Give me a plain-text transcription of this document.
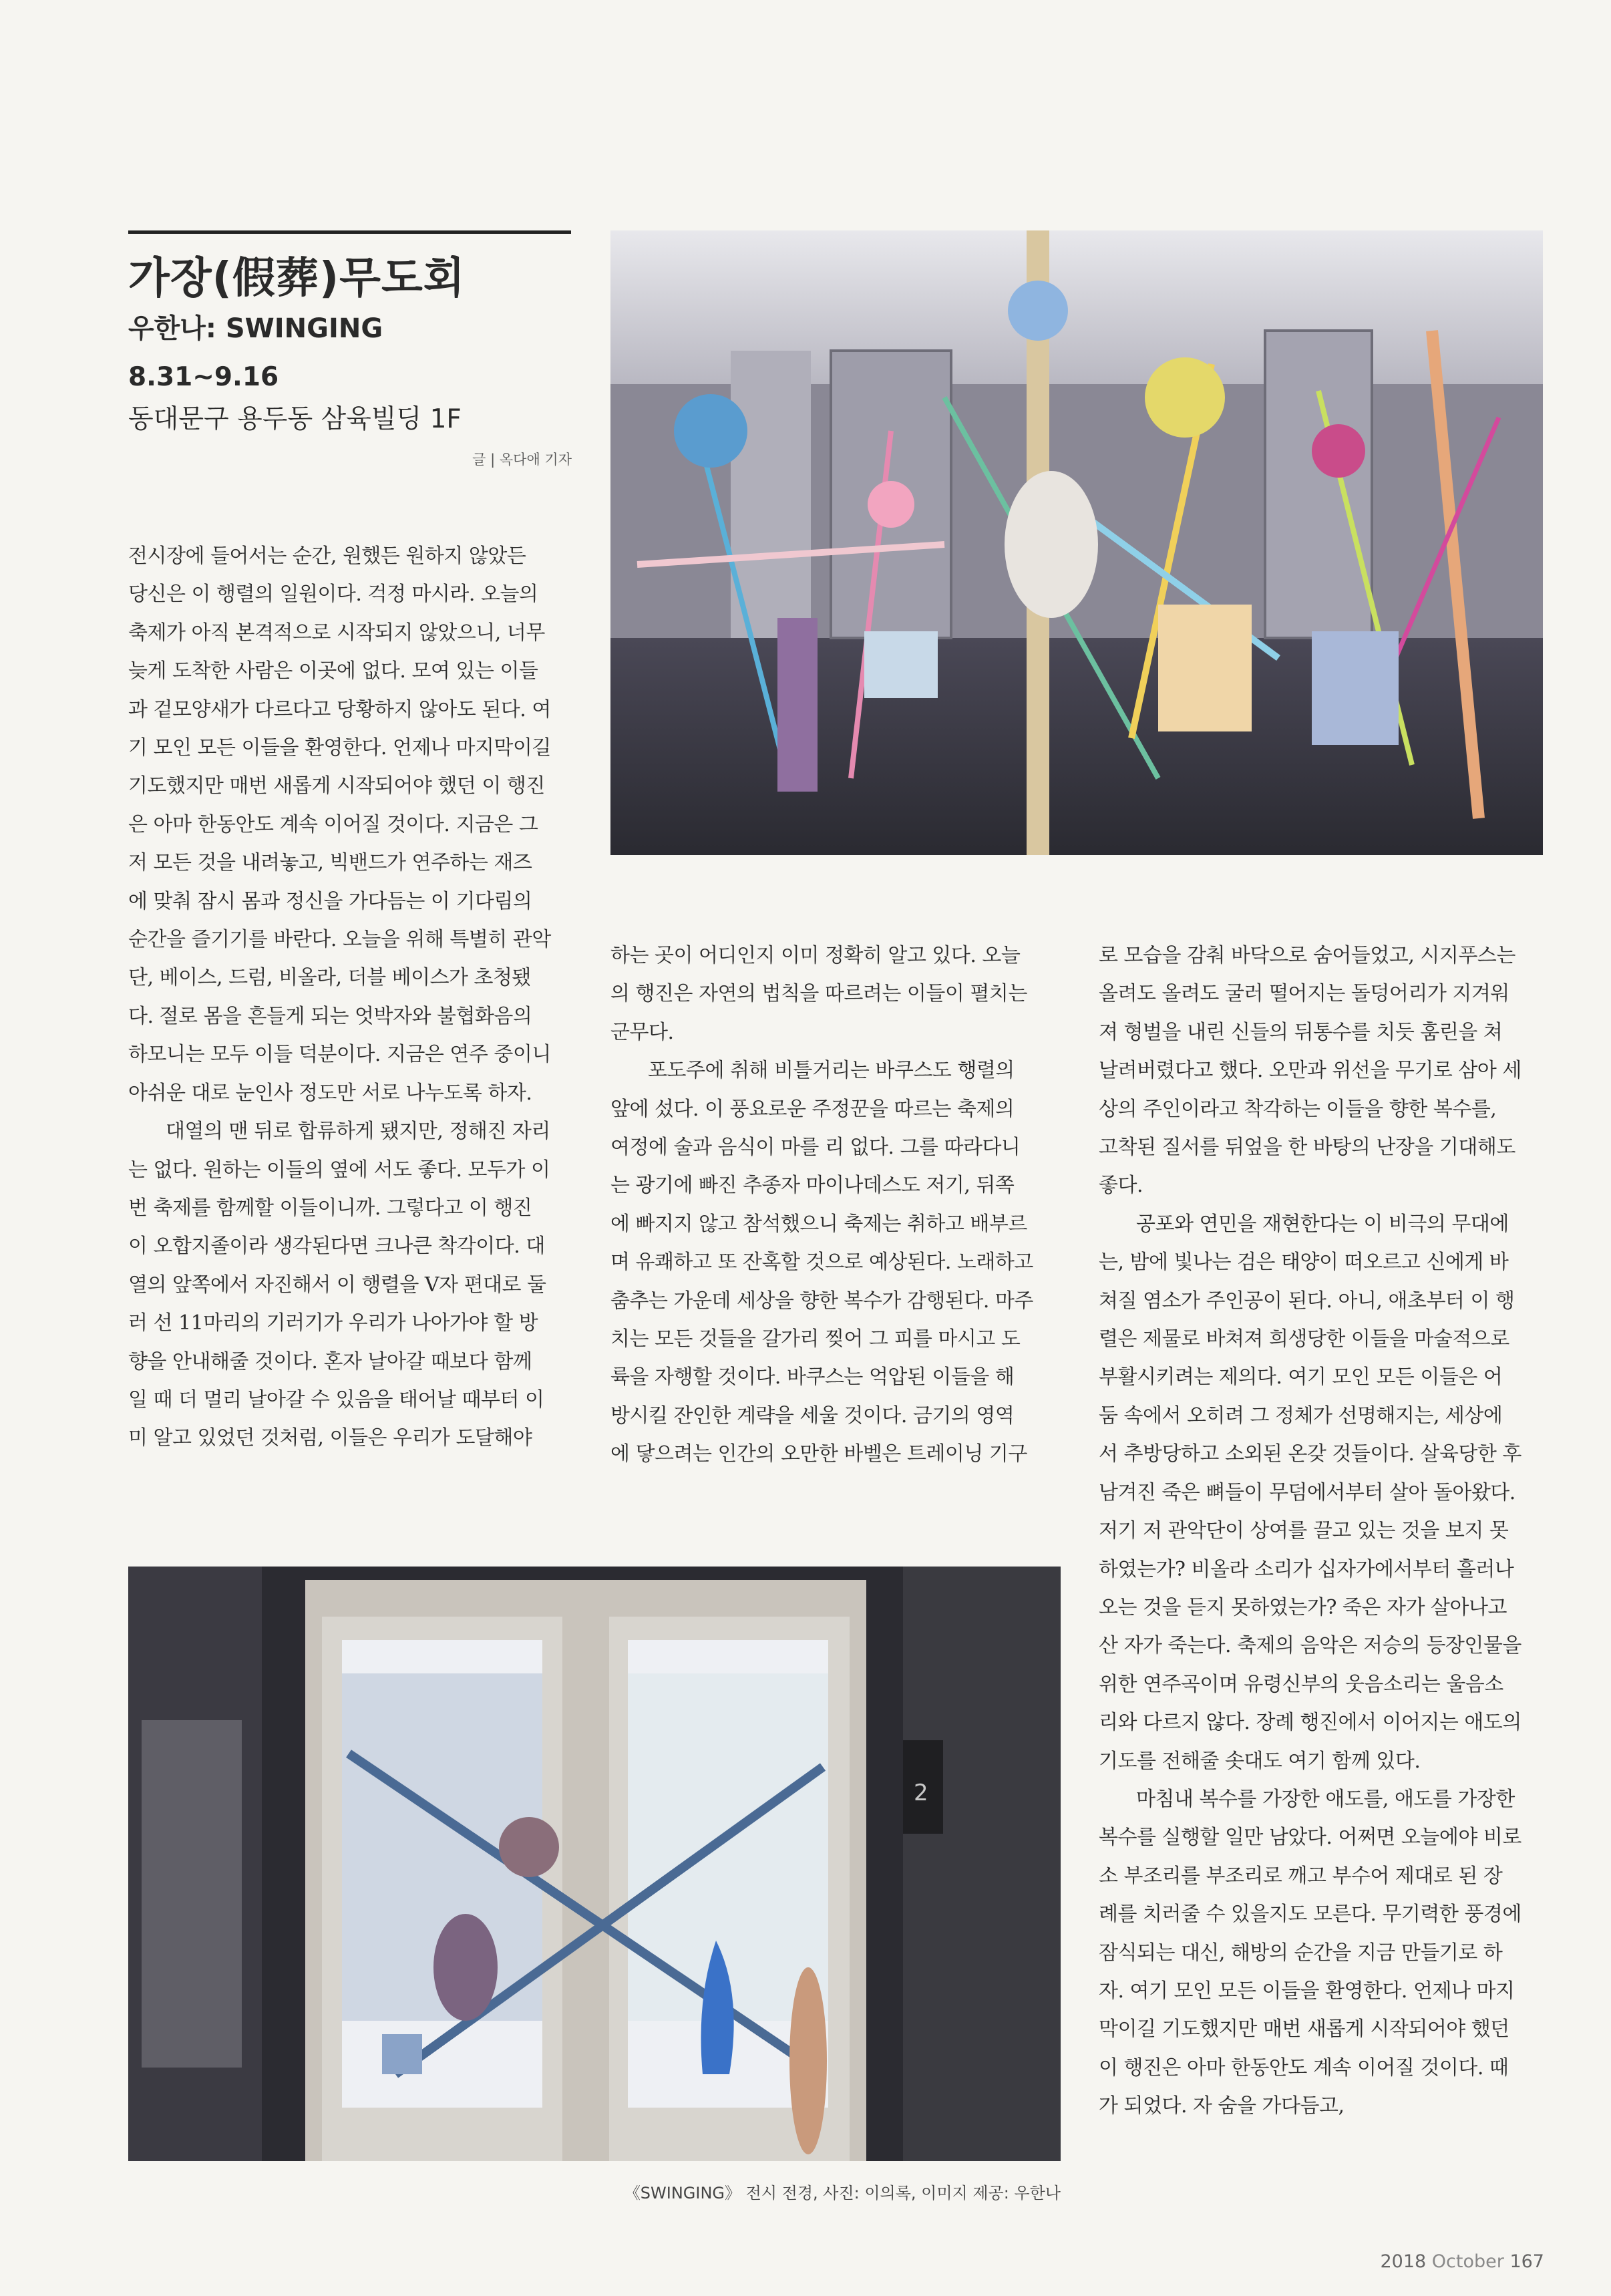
가장(假葬)무도회
우한나: SWINGING

8.31~9.16

동대문구 용두동 삼육빌딩 1F

글 | 옥다애 기자

전시장에 들어서는 순간, 원했든 원하지 않았든
당신은 이 행렬의 일원이다. 걱정 마시라. 오늘의
축제가 아직 본격적으로 시작되지 않았으니, 너무
늦게 도착한 사람은 이곳에 없다. 모여 있는 이들
과 겉모양새가 다르다고 당황하지 않아도 된다. 여
기 모인 모든 이들을 환영한다. 언제나 마지막이길
기도했지만 매번 새롭게 시작되어야 했던 이 행진
은 아마 한동안도 계속 이어질 것이다. 지금은 그
저 모든 것을 내려놓고, 빅밴드가 연주하는 재즈
에 맞춰 잠시 몸과 정신을 가다듬는 이 기다림의
순간을 즐기기를 바란다. 오늘을 위해 특별히 관악
단, 베이스, 드럼, 비올라, 더블 베이스가 초청됐
다. 절로 몸을 흔들게 되는 엇박자와 불협화음의
하모니는 모두 이들 덕분이다. 지금은 연주 중이니
아쉬운 대로 눈인사 정도만 서로 나누도록 하자.

대열의 맨 뒤로 합류하게 됐지만, 정해진 자리
는 없다. 원하는 이들의 옆에 서도 좋다. 모두가 이
번 축제를 함께할 이들이니까. 그렇다고 이 행진
이 오합지졸이라 생각된다면 크나큰 착각이다. 대
열의 앞쪽에서 자진해서 이 행렬을 V자 편대로 둘
러 선 11마리의 기러기가 우리가 나아가야 할 방
향을 안내해줄 것이다. 혼자 날아갈 때보다 함께
일 때 더 멀리 날아갈 수 있음을 태어날 때부터 이
미 알고 있었던 것처럼, 이들은 우리가 도달해야

하는 곳이 어디인지 이미 정확히 알고 있다. 오늘
의 행진은 자연의 법칙을 따르려는 이들이 펼치는
군무다.

포도주에 취해 비틀거리는 바쿠스도 행렬의
앞에 섰다. 이 풍요로운 주정꾼을 따르는 축제의
여정에 술과 음식이 마를 리 없다. 그를 따라다니
는 광기에 빠진 추종자 마이나데스도 저기, 뒤쪽
에 빠지지 않고 참석했으니 축제는 취하고 배부르
며 유쾌하고 또 잔혹할 것으로 예상된다. 노래하고
춤추는 가운데 세상을 향한 복수가 감행된다. 마주
치는 모든 것들을 갈가리 찢어 그 피를 마시고 도
륙을 자행할 것이다. 바쿠스는 억압된 이들을 해
방시킬 잔인한 계략을 세울 것이다. 금기의 영역
에 닿으려는 인간의 오만한 바벨은 트레이닝 기구

로 모습을 감춰 바닥으로 숨어들었고, 시지푸스는
올려도 올려도 굴러 떨어지는 돌덩어리가 지겨워
져 형벌을 내린 신들의 뒤통수를 치듯 훔린을 쳐
날려버렸다고 했다. 오만과 위선을 무기로 삼아 세
상의 주인이라고 착각하는 이들을 향한 복수를,
고착된 질서를 뒤엎을 한 바탕의 난장을 기대해도
좋다.

공포와 연민을 재현한다는 이 비극의 무대에
는, 밤에 빛나는 검은 태양이 떠오르고 신에게 바
쳐질 염소가 주인공이 된다. 아니, 애초부터 이 행
렬은 제물로 바쳐져 희생당한 이들을 마술적으로
부활시키려는 제의다. 여기 모인 모든 이들은 어
둠 속에서 오히려 그 정체가 선명해지는, 세상에
서 추방당하고 소외된 온갖 것들이다. 살육당한 후
남겨진 죽은 뼈들이 무덤에서부터 살아 돌아왔다.
저기 저 관악단이 상여를 끌고 있는 것을 보지 못
하였는가? 비올라 소리가 십자가에서부터 흘러나
오는 것을 듣지 못하였는가? 죽은 자가 살아나고
산 자가 죽는다. 축제의 음악은 저승의 등장인물을
위한 연주곡이며 유령신부의 웃음소리는 울음소
리와 다르지 않다. 장례 행진에서 이어지는 애도의
기도를 전해줄 솟대도 여기 함께 있다.

마침내 복수를 가장한 애도를, 애도를 가장한
복수를 실행할 일만 남았다. 어쩌면 오늘에야 비로
소 부조리를 부조리로 깨고 부수어 제대로 된 장
례를 치러줄 수 있을지도 모른다. 무기력한 풍경에
잠식되는 대신, 해방의 순간을 지금 만들기로 하
자. 여기 모인 모든 이들을 환영한다. 언제나 마지
막이길 기도했지만 매번 새롭게 시작되어야 했던
이 행진은 아마 한동안도 계속 이어질 것이다. 때
가 되었다. 자 숨을 가다듬고,

2

《SWINGING》 전시 전경, 사진: 이의록, 이미지 제공: 우한나

2018 October 167
